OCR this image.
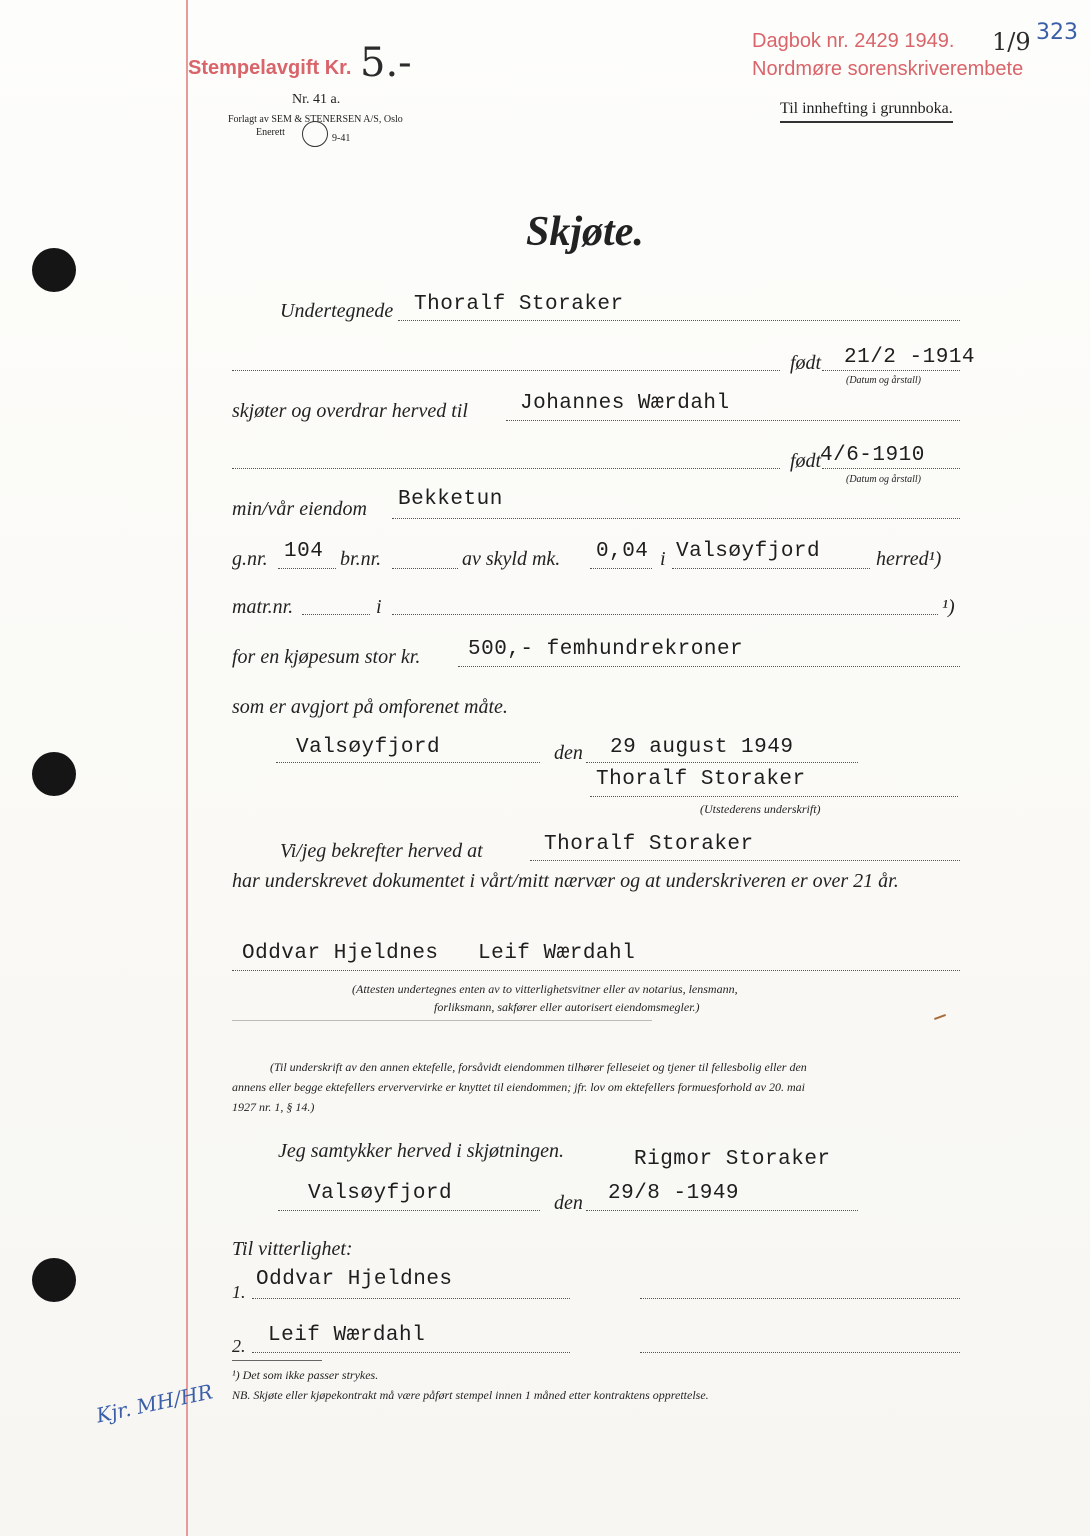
Stempelavgift Kr. 5.-	Dagbok nr. 2429 1949. 1/9 323
Nordmøre sorenskriverembete
Nr. 41 a.
Forlagt av SEM & STENERSEN A/S, Oslo
Enerett
9-41
Til innhefting i grunnboka.
Skjøte.
Undertegnede Thoralf Storaker
født 21/2 -1914
(Datum og årstall)
skjøter og overdrar herved til Johannes Wærdahl
født
4/6-1910
(Datum og årstall)
min/vår eiendom Bekketun
g.nr. 104 br.nr.	av skyld mk. 0,04 i Valsøyfjord	herred¹)
matr.nr.	i	¹)
for en kjøpesum stor kr. 500,- femhundrekroner
som er avgjort på omforenet måte.
Valsøyfjord	den 29 august 1949
Thoralf Storaker
(Utstederens underskrift)
Vi/jeg bekrefter herved at	Thoralf Storaker
har underskrevet dokumentet i vårt/mitt nærvær og at underskriveren er over 21 år.
Oddvar Hjeldnes Leif Wærdahl
(Attesten undertegnes enten av to vitterlighetsvitner eller av notarius, lensmann,
forliksmann, sakfører eller autorisert eiendomsmegler.)
(Til underskrift av den annen ektefelle, forsåvidt eiendommen tilhører felleseiet og tjener til fellesbolig eller den
annens eller begge ektefellers erververvirke er knyttet til eiendommen; jfr. lov om ektefellers formuesforhold av 20. mai
1927 nr. 1, § 14.)
Jeg samtykker herved i skjøtningen.	Rigmor Storaker
Valsøyfjord	den 29/8 -1949
Til vitterlighet:
1.
Oddvar Hjeldnes
2. Leif Wærdahl
¹) Det som ikke passer strykes.
NB. Skjøte eller kjøpekontrakt må være påført stempel innen 1 måned etter kontraktens opprettelse.
Kjr. MH/HR
